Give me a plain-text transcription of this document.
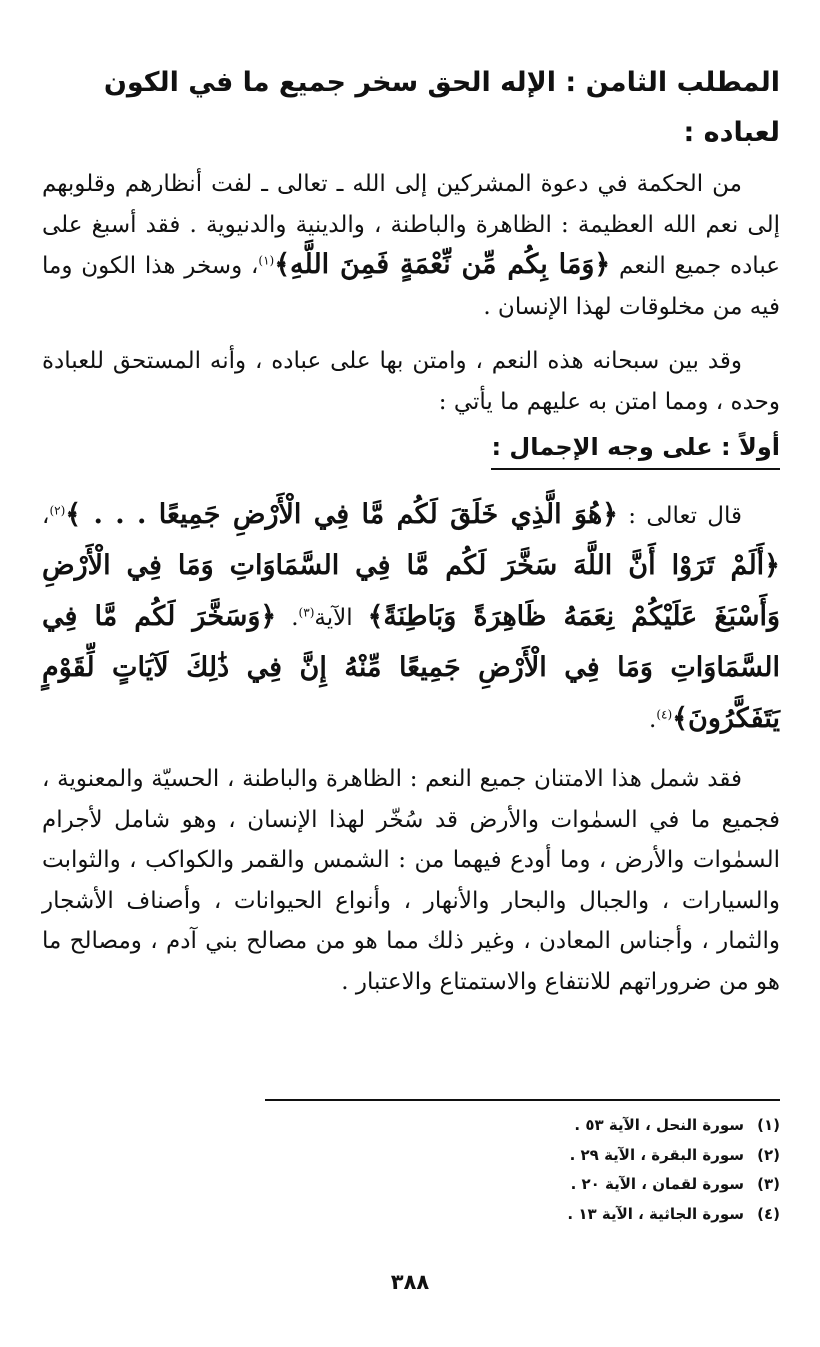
المطلب الثامن : الإله الحق سخر جميع ما في الكون لعباده :

من الحكمة في دعوة المشركين إلى الله ـ تعالى ـ لفت أنظارهم وقلوبهم إلى نعم الله العظيمة : الظاهرة والباطنة ، والدينية والدنيوية . فقد أسبغ على عباده جميع النعم ﴿وَمَا بِكُم مِّن نِّعْمَةٍ فَمِنَ اللَّهِ﴾$^{(١)}$، وسخر هذا الكون وما فيه من مخلوقات لهذا الإنسان .

وقد بين سبحانه هذه النعم ، وامتن بها على عباده ، وأنه المستحق للعبادة وحده ، ومما امتن به عليهم ما يأتي :

أولاً : على وجه الإجمال :

قال تعالى : ﴿هُوَ الَّذِي خَلَقَ لَكُم مَّا فِي الْأَرْضِ جَمِيعًا . . . ﴾$^{(٢)}$، ﴿أَلَمْ تَرَوْا أَنَّ اللَّهَ سَخَّرَ لَكُم مَّا فِي السَّمَاوَاتِ وَمَا فِي الْأَرْضِ وَأَسْبَغَ عَلَيْكُمْ نِعَمَهُ ظَاهِرَةً وَبَاطِنَةً﴾ الآية$^{(٣)}$. ﴿وَسَخَّرَ لَكُم مَّا فِي السَّمَاوَاتِ وَمَا فِي الْأَرْضِ جَمِيعًا مِّنْهُ إِنَّ فِي ذَٰلِكَ لَآيَاتٍ لِّقَوْمٍ يَتَفَكَّرُونَ﴾$^{(٤)}$.

فقد شمل هذا الامتنان جميع النعم : الظاهرة والباطنة ، الحسيّة والمعنوية ، فجميع ما في السمٰوات والأرض قد سُخّر لهذا الإنسان ، وهو شامل لأجرام السمٰوات والأرض ، وما أودع فيهما من : الشمس والقمر والكواكب ، والثوابت والسيارات ، والجبال والبحار والأنهار ، وأنواع الحيوانات ، وأصناف الأشجار والثمار ، وأجناس المعادن ، وغير ذلك مما هو من مصالح بني آدم ، ومصالح ما هو من ضروراتهم للانتفاع والاستمتاع والاعتبار .

(١)سورة النحل ، الآية ٥٣ .
(٢)سورة البقرة ، الآية ٢٩ .
(٣)سورة لقمان ، الآية ٢٠ .
(٤)سورة الجاثية ، الآية ١٣ .
٣٨٨
